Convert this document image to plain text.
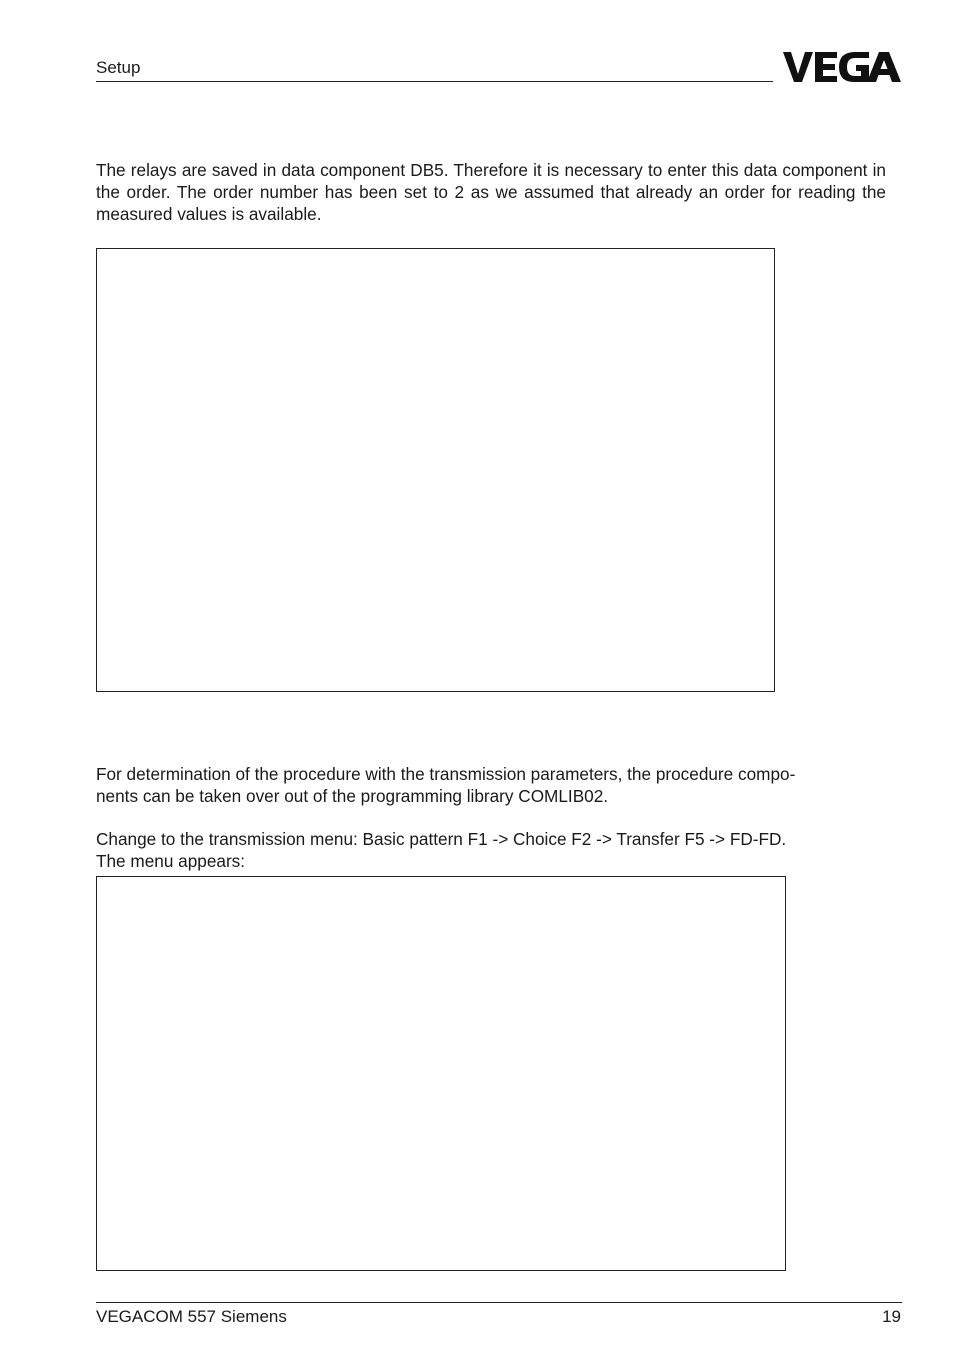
Setup

The relays are saved in data component DB5. Therefore it is necessary to enter this data component in the order. The order number has been set to 2 as we assumed that already an order for reading the measured values is available.

For determination of the procedure with the transmission parameters, the procedure compo-
nents can be taken over out of the programming library COMLIB02.
Change to the transmission menu: Basic pattern F1 -> Choice F2 -> Transfer F5 -> FD-FD.
The menu appears:
VEGACOM 557 Siemens	19
